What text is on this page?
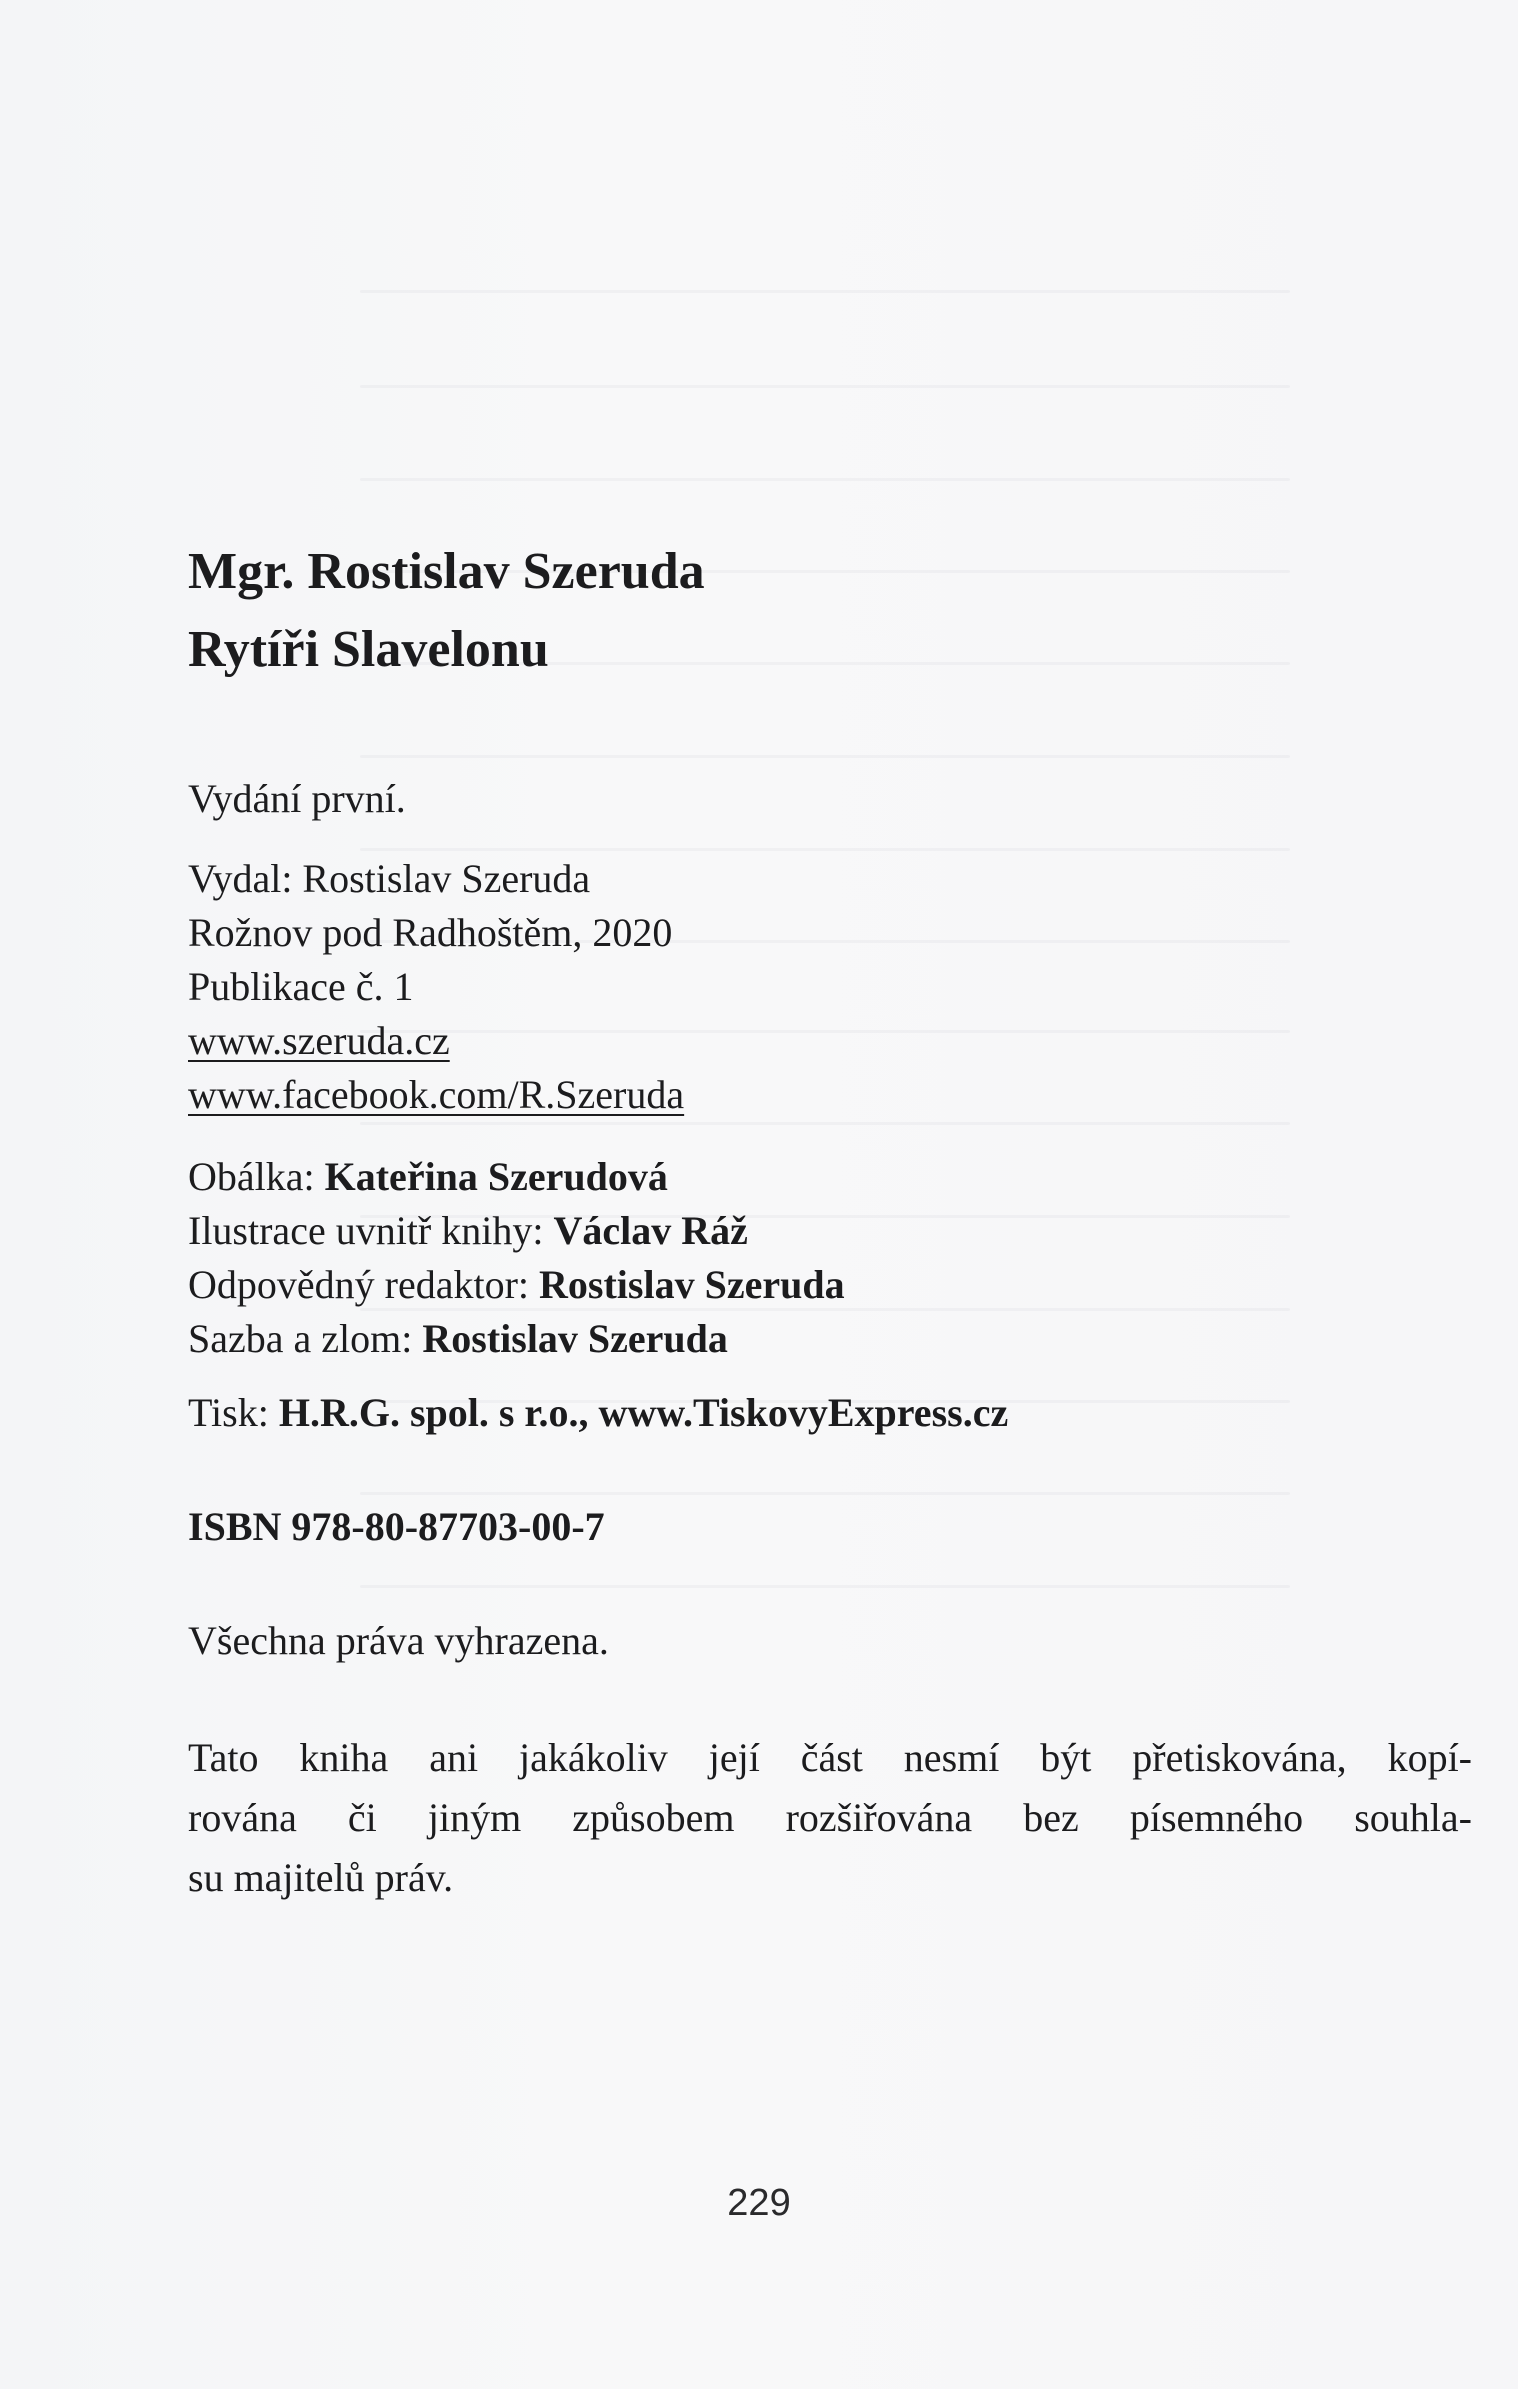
Mgr. Rostislav Szeruda
Rytíři Slavelonu
Vydání první.
Vydal: Rostislav Szeruda
Rožnov pod Radhoštěm, 2020
Publikace č. 1
www.szeruda.cz
www.facebook.com/R.Szeruda
Obálka: Kateřina Szerudová
Ilustrace uvnitř knihy: Václav Ráž
Odpovědný redaktor: Rostislav Szeruda
Sazba a zlom: Rostislav Szeruda
Tisk: H.R.G. spol. s r.o., www.TiskovyExpress.cz
ISBN 978-80-87703-00-7
Všechna práva vyhrazena.
Tato kniha ani jakákoliv její část nesmí být přetiskována, kopí-
rována či jiným způsobem rozšiřována bez písemného souhla-
su majitelů práv.
229
